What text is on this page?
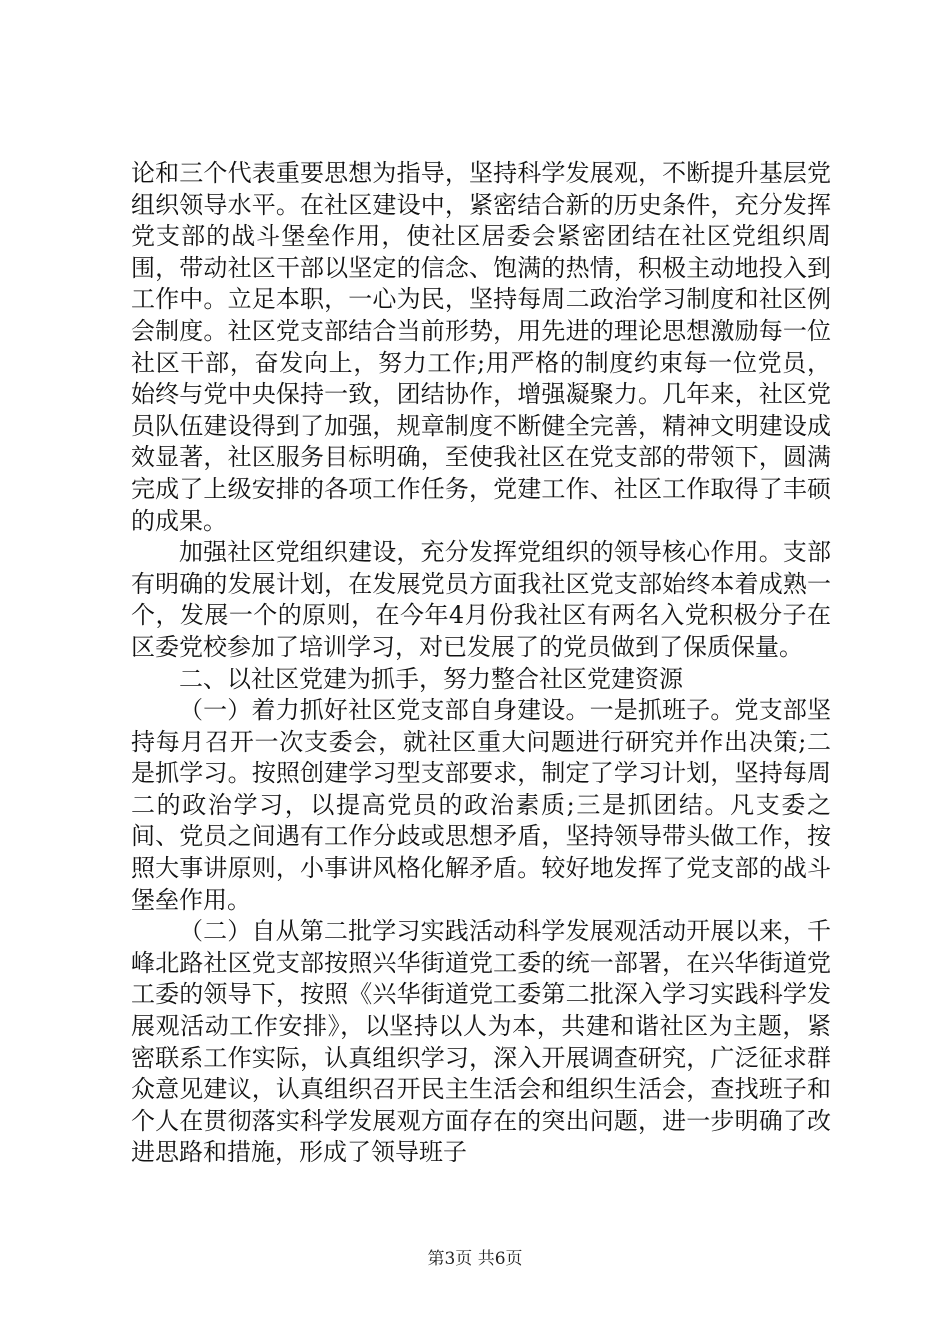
论和三个代表重要思想为指导，坚持科学发展观，不断提升基层党组织领导水平。在社区建设中，紧密结合新的历史条件，充分发挥党支部的战斗堡垒作用，使社区居委会紧密团结在社区党组织周围，带动社区干部以坚定的信念、饱满的热情，积极主动地投入到工作中。立足本职，一心为民，坚持每周二政治学习制度和社区例会制度。社区党支部结合当前形势，用先进的理论思想激励每一位社区干部，奋发向上，努力工作;用严格的制度约束每一位党员，始终与党中央保持一致，团结协作，增强凝聚力。几年来，社区党员队伍建设得到了加强，规章制度不断健全完善，精神文明建设成效显著，社区服务目标明确，至使我社区在党支部的带领下，圆满完成了上级安排的各项工作任务，党建工作、社区工作取得了丰硕的成果。

加强社区党组织建设，充分发挥党组织的领导核心作用。支部有明确的发展计划，在发展党员方面我社区党支部始终本着成熟一个，发展一个的原则，在今年4月份我社区有两名入党积极分子在区委党校参加了培训学习，对已发展了的党员做到了保质保量。

二、以社区党建为抓手，努力整合社区党建资源

（一）着力抓好社区党支部自身建设。一是抓班子。党支部坚持每月召开一次支委会，就社区重大问题进行研究并作出决策;二是抓学习。按照创建学习型支部要求，制定了学习计划，坚持每周二的政治学习，以提高党员的政治素质;三是抓团结。凡支委之间、党员之间遇有工作分歧或思想矛盾，坚持领导带头做工作，按照大事讲原则，小事讲风格化解矛盾。较好地发挥了党支部的战斗堡垒作用。

（二）自从第二批学习实践活动科学发展观活动开展以来，千峰北路社区党支部按照兴华街道党工委的统一部署，在兴华街道党工委的领导下，按照《兴华街道党工委第二批深入学习实践科学发展观活动工作安排》，以坚持以人为本，共建和谐社区为主题，紧密联系工作实际，认真组织学习，深入开展调查研究，广泛征求群众意见建议，认真组织召开民主生活会和组织生活会，查找班子和个人在贯彻落实科学发展观方面存在的突出问题，进一步明确了改进思路和措施，形成了领导班子

第3页 共6页
